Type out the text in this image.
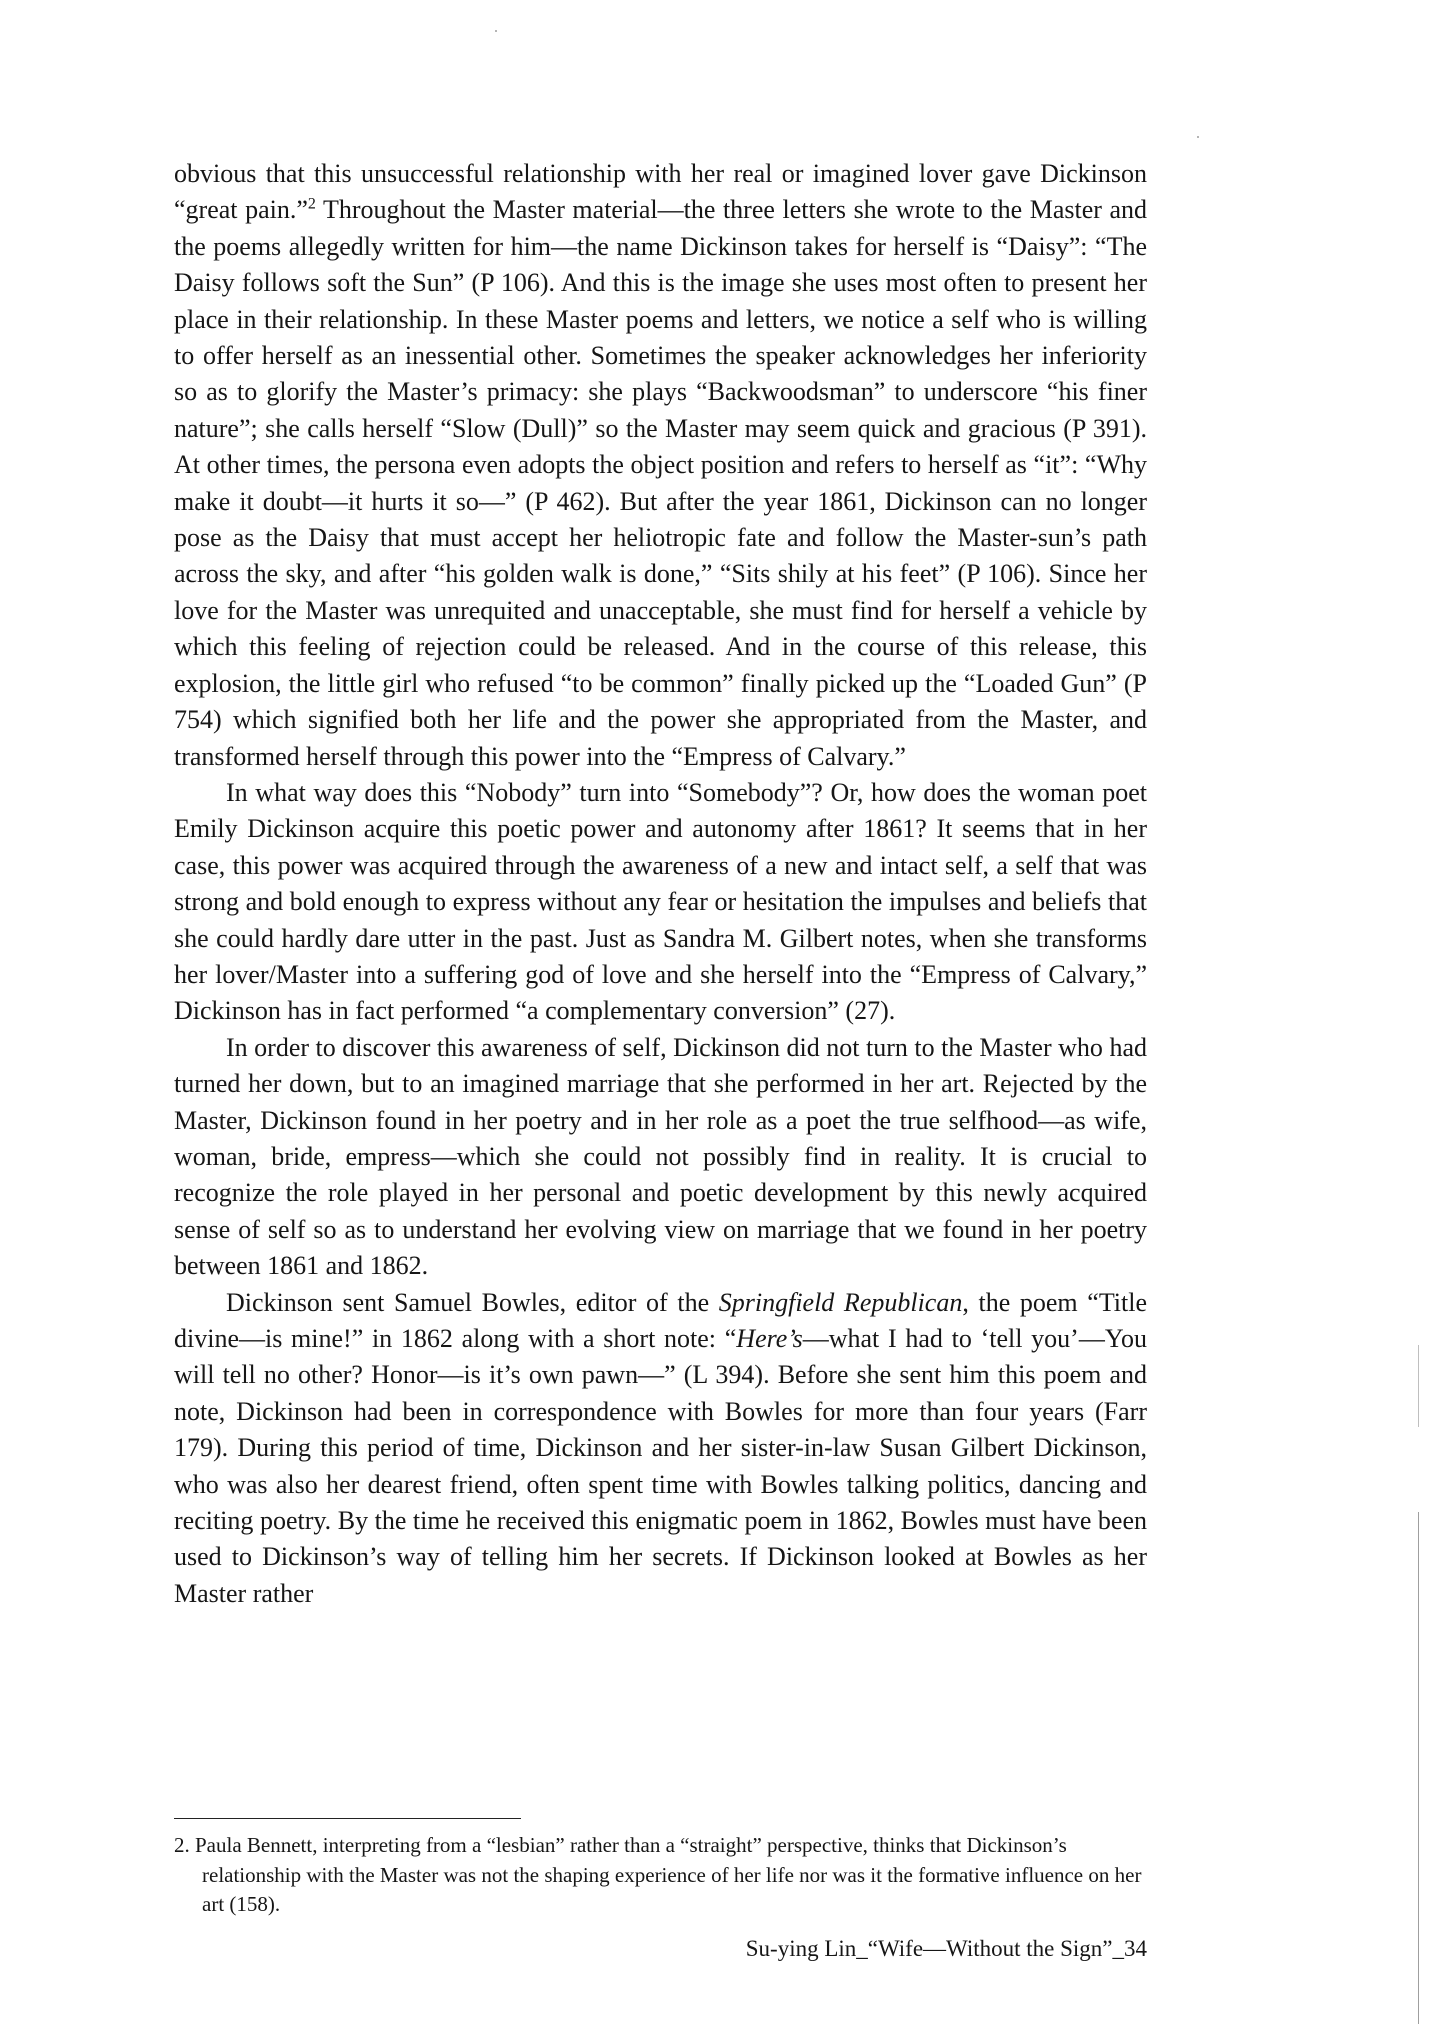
obvious that this unsuccessful relationship with her real or imagined lover gave Dickinson “great pain.”$^2$ Throughout the Master material—the three letters she wrote to the Master and the poems allegedly written for him—the name Dickinson takes for herself is “Daisy”: “The Daisy follows soft the Sun” (P 106). And this is the image she uses most often to present her place in their relationship. In these Master poems and letters, we notice a self who is willing to offer herself as an inessential other. Sometimes the speaker acknowledges her inferiority so as to glorify the Master’s primacy: she plays “Backwoodsman” to underscore “his finer nature”; she calls herself “Slow (Dull)” so the Master may seem quick and gracious (P 391). At other times, the persona even adopts the object position and refers to herself as “it”: “Why make it doubt—it hurts it so—” (P 462). But after the year 1861, Dickinson can no longer pose as the Daisy that must accept her heliotropic fate and follow the Master-sun’s path across the sky, and after “his golden walk is done,” “Sits shily at his feet” (P 106). Since her love for the Master was unrequited and unacceptable, she must find for herself a vehicle by which this feeling of rejection could be released. And in the course of this release, this explosion, the little girl who refused “to be common” finally picked up the “Loaded Gun” (P 754) which signified both her life and the power she appropriated from the Master, and transformed herself through this power into the “Empress of Calvary.”

In what way does this “Nobody” turn into “Somebody”? Or, how does the woman poet Emily Dickinson acquire this poetic power and autonomy after 1861? It seems that in her case, this power was acquired through the awareness of a new and intact self, a self that was strong and bold enough to express without any fear or hesitation the impulses and beliefs that she could hardly dare utter in the past. Just as Sandra M. Gilbert notes, when she transforms her lover/Master into a suffering god of love and she herself into the “Empress of Calvary,” Dickinson has in fact performed “a complementary conversion” (27).

In order to discover this awareness of self, Dickinson did not turn to the Master who had turned her down, but to an imagined marriage that she performed in her art. Rejected by the Master, Dickinson found in her poetry and in her role as a poet the true selfhood—as wife, woman, bride, empress—which she could not possibly find in reality. It is crucial to recognize the role played in her personal and poetic development by this newly acquired sense of self so as to understand her evolving view on marriage that we found in her poetry between 1861 and 1862.

Dickinson sent Samuel Bowles, editor of the Springfield Republican, the poem “Title divine—is mine!” in 1862 along with a short note: “Here’s—what I had to ‘tell you’—You will tell no other? Honor—is it’s own pawn—” (L 394). Before she sent him this poem and note, Dickinson had been in correspondence with Bowles for more than four years (Farr 179). During this period of time, Dickinson and her sister-in-law Susan Gilbert Dickinson, who was also her dearest friend, often spent time with Bowles talking politics, dancing and reciting poetry. By the time he received this enigmatic poem in 1862, Bowles must have been used to Dickinson’s way of telling him her secrets. If Dickinson looked at Bowles as her Master rather

2. Paula Bennett, interpreting from a “lesbian” rather than a “straight” perspective, thinks that Dickinson’s relationship with the Master was not the shaping experience of her life nor was it the formative influence on her art (158).

Su-ying Lin_“Wife—Without the Sign”_34
